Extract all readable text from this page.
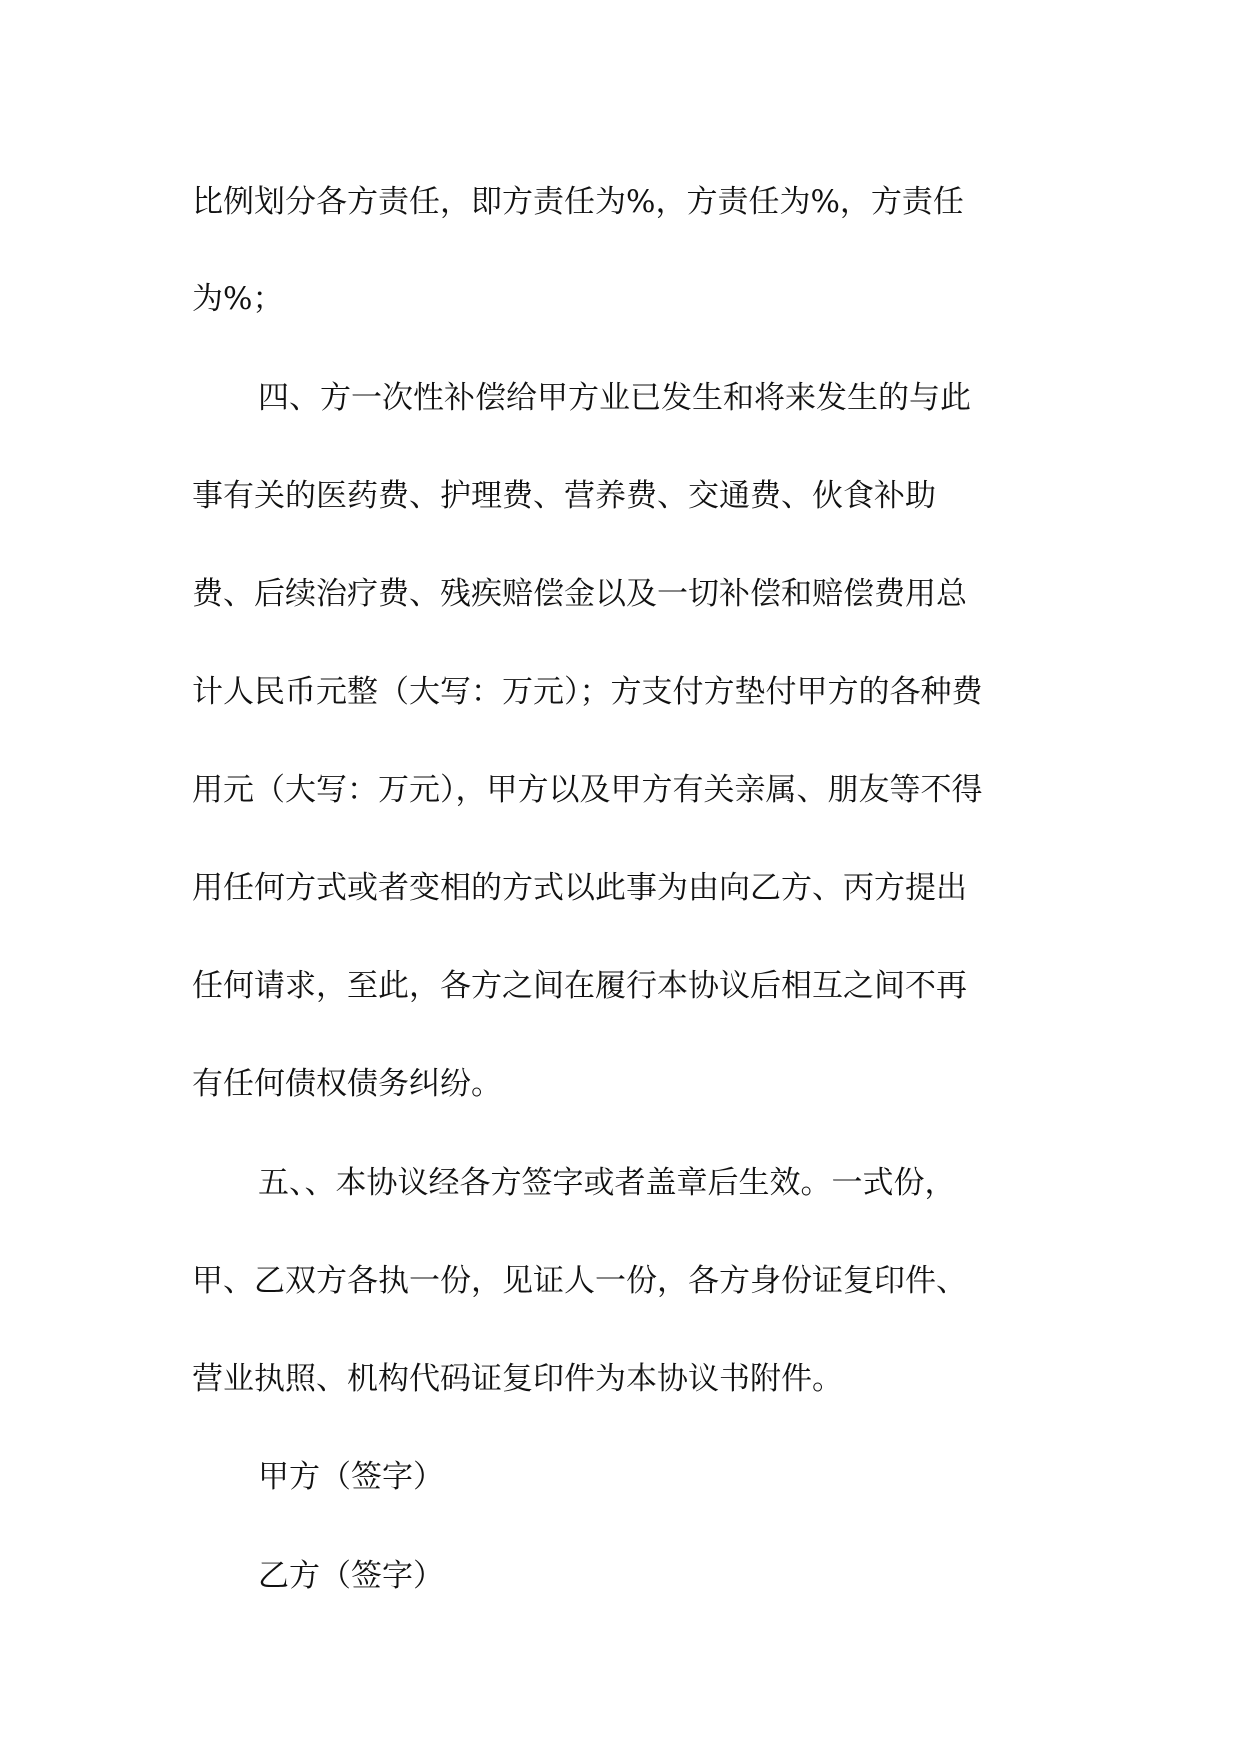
比例划分各方责任，即方责任为%，方责任为%，方责任
为%；
四、方一次性补偿给甲方业已发生和将来发生的与此
事有关的医药费、护理费、营养费、交通费、伙食补助
费、后续治疗费、残疾赔偿金以及一切补偿和赔偿费用总
计人民币元整（大写：万元）；方支付方垫付甲方的各种费
用元（大写：万元），甲方以及甲方有关亲属、朋友等不得
用任何方式或者变相的方式以此事为由向乙方、丙方提出
任何请求，至此，各方之间在履行本协议后相互之间不再
有任何债权债务纠纷。
五、、本协议经各方签字或者盖章后生效。一式份，
甲、乙双方各执一份，见证人一份，各方身份证复印件、
营业执照、机构代码证复印件为本协议书附件。
甲方（签字）
乙方（签字）
